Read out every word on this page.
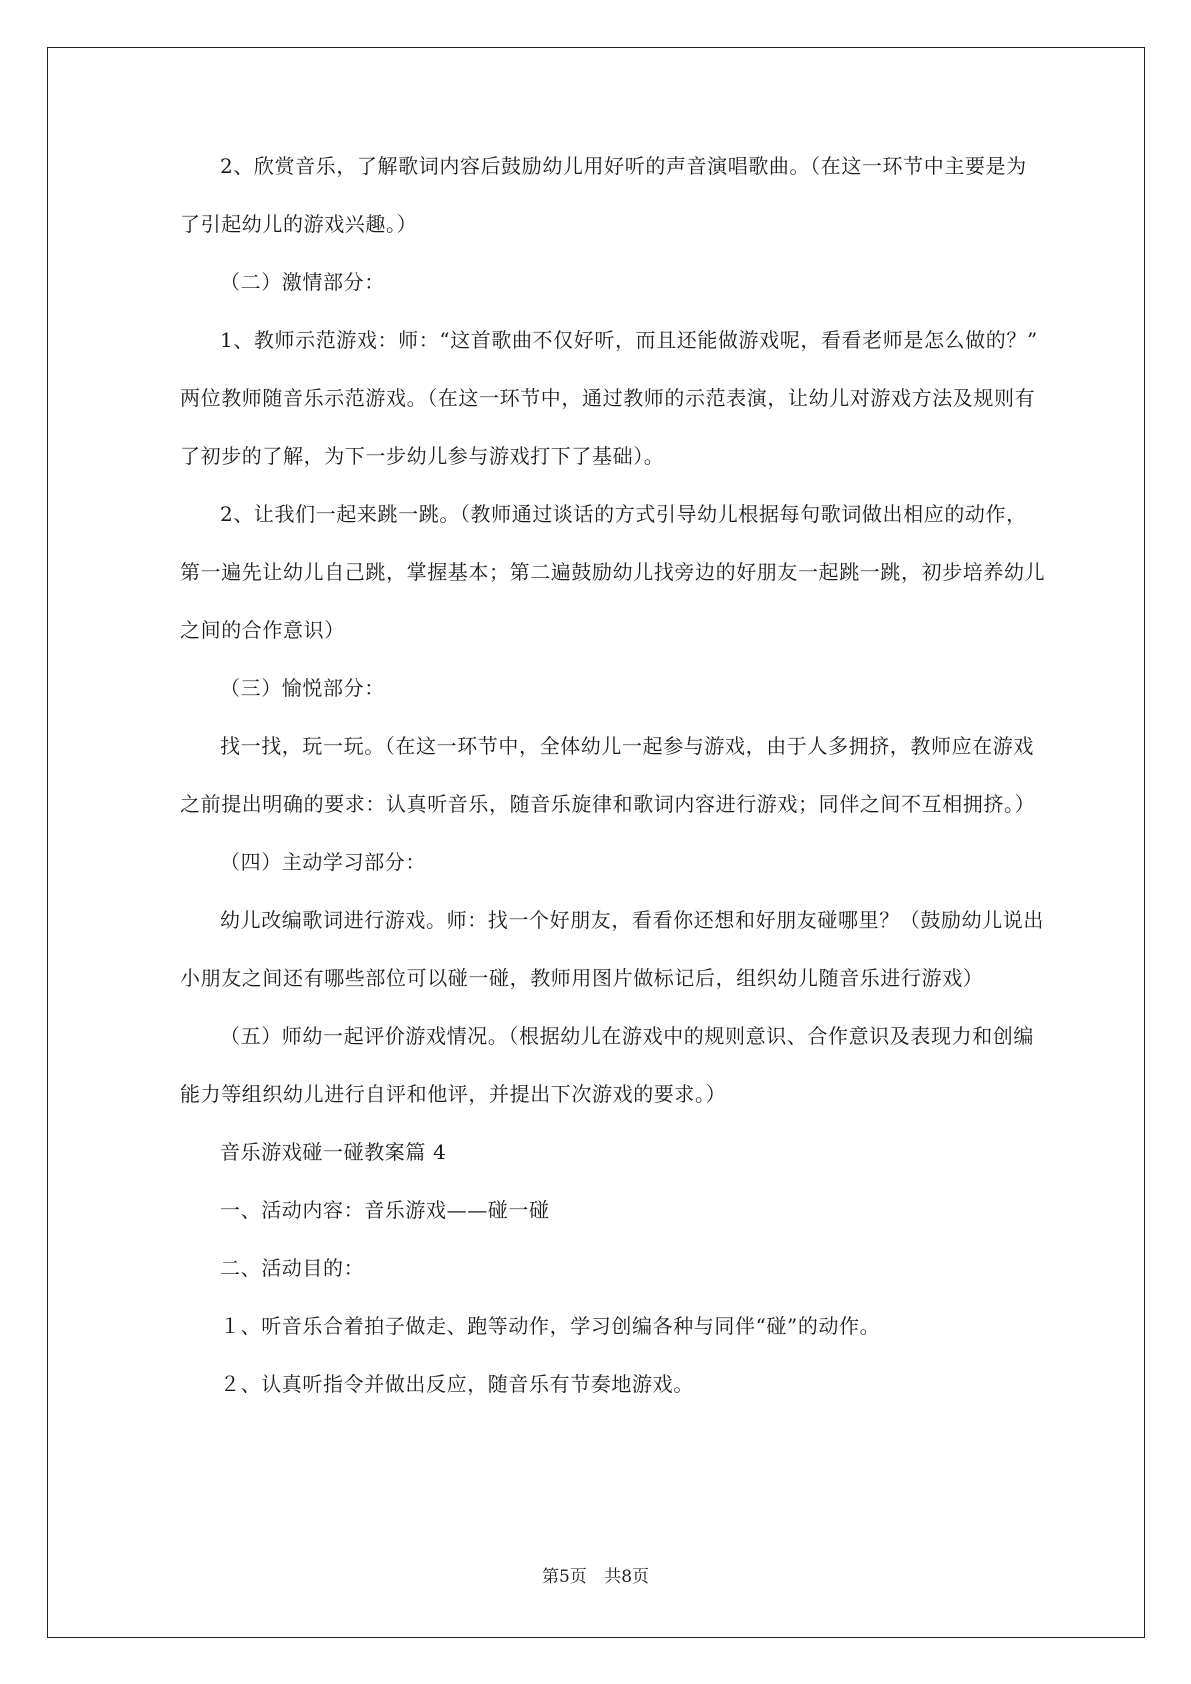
2、欣赏音乐，了解歌词内容后鼓励幼儿用好听的声音演唱歌曲。（在这一环节中主要是为
了引起幼儿的游戏兴趣。）
（二）激情部分：
1、教师示范游戏：师：“这首歌曲不仅好听，而且还能做游戏呢，看看老师是怎么做的？”
两位教师随音乐示范游戏。（在这一环节中，通过教师的示范表演，让幼儿对游戏方法及规则有
了初步的了解，为下一步幼儿参与游戏打下了基础）。
2、让我们一起来跳一跳。（教师通过谈话的方式引导幼儿根据每句歌词做出相应的动作，
第一遍先让幼儿自己跳，掌握基本；第二遍鼓励幼儿找旁边的好朋友一起跳一跳，初步培养幼儿
之间的合作意识）
（三）愉悦部分：
找一找，玩一玩。（在这一环节中，全体幼儿一起参与游戏，由于人多拥挤，教师应在游戏
之前提出明确的要求：认真听音乐，随音乐旋律和歌词内容进行游戏；同伴之间不互相拥挤。）
（四）主动学习部分：
幼儿改编歌词进行游戏。师：找一个好朋友，看看你还想和好朋友碰哪里？（鼓励幼儿说出
小朋友之间还有哪些部位可以碰一碰，教师用图片做标记后，组织幼儿随音乐进行游戏）
（五）师幼一起评价游戏情况。（根据幼儿在游戏中的规则意识、合作意识及表现力和创编
能力等组织幼儿进行自评和他评，并提出下次游戏的要求。）
音乐游戏碰一碰教案篇 4
一、活动内容：音乐游戏——碰一碰
二、活动目的：
１、听音乐合着拍子做走、跑等动作，学习创编各种与同伴“碰”的动作。
２、认真听指令并做出反应，随音乐有节奏地游戏。
第5页 共8页
